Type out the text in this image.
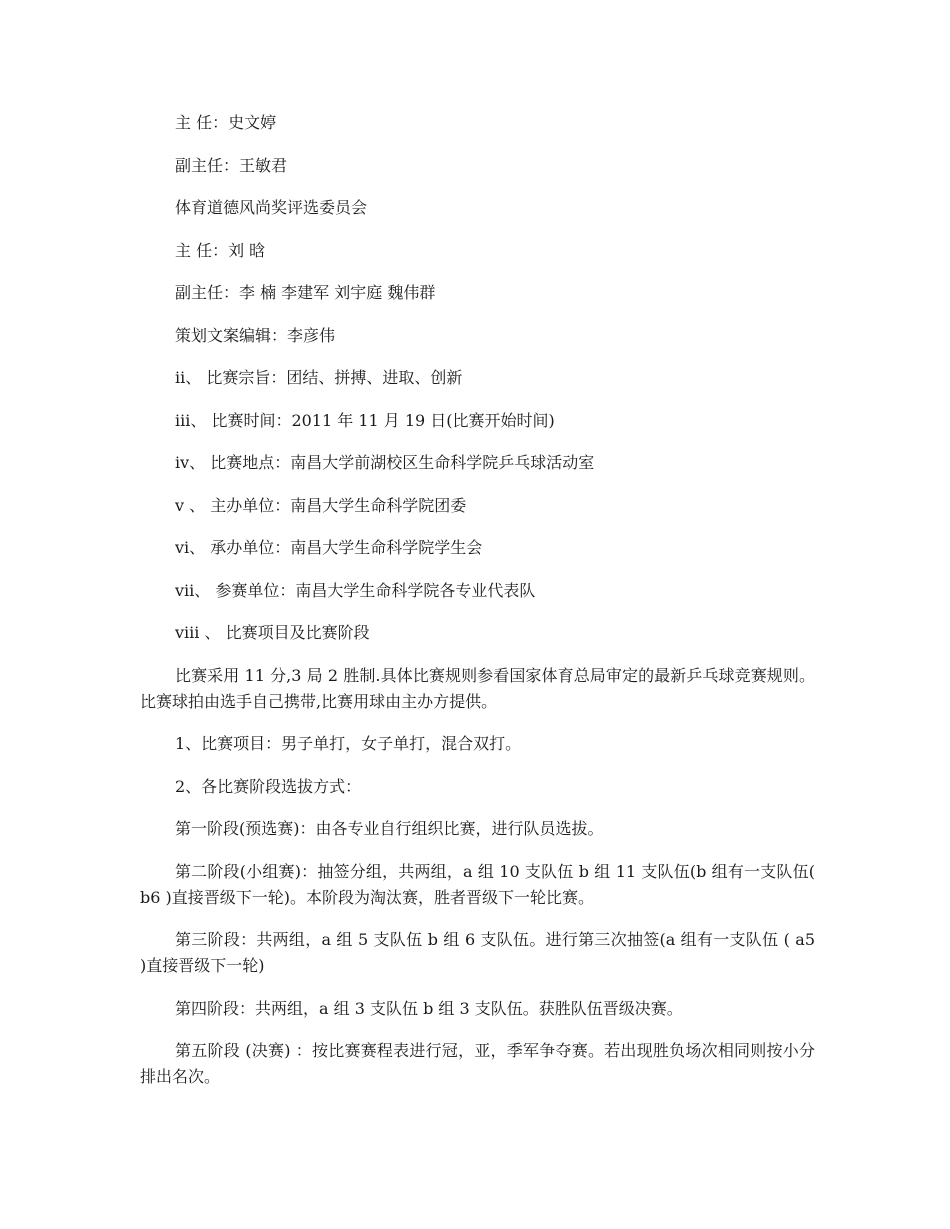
主 任：史文婷
副主任：王敏君
体育道德风尚奖评选委员会
主 任：刘 晗
副主任：李 楠 李建军 刘宇庭 魏伟群
策划文案编辑：李彦伟
ⅱ、 比赛宗旨：团结、拼搏、进取、创新
ⅲ、 比赛时间：2011 年 11 月 19 日(比赛开始时间)
ⅳ、 比赛地点：南昌大学前湖校区生命科学院乒乓球活动室
ⅴ 、 主办单位：南昌大学生命科学院团委
ⅵ、 承办单位：南昌大学生命科学院学生会
ⅶ、 参赛单位：南昌大学生命科学院各专业代表队
ⅷ 、 比赛项目及比赛阶段
比赛采用 11 分,3 局 2 胜制.具体比赛规则参看国家体育总局审定的最新乒乓球竞赛规则。比赛球拍由选手自己携带,比赛用球由主办方提供。
1、比赛项目：男子单打，女子单打，混合双打。
2、各比赛阶段选拔方式：
第一阶段(预选赛)：由各专业自行组织比赛，进行队员选拔。
第二阶段(小组赛)：抽签分组，共两组，a 组 10 支队伍 b 组 11 支队伍(b 组有一支队伍( b6 )直接晋级下一轮)。本阶段为淘汰赛，胜者晋级下一轮比赛。
第三阶段：共两组，a 组 5 支队伍 b 组 6 支队伍。进行第三次抽签(a 组有一支队伍 ( a5 )直接晋级下一轮)
第四阶段：共两组，a 组 3 支队伍 b 组 3 支队伍。获胜队伍晋级决赛。
第五阶段 (决赛) ：按比赛赛程表进行冠，亚，季军争夺赛。若出现胜负场次相同则按小分排出名次。
